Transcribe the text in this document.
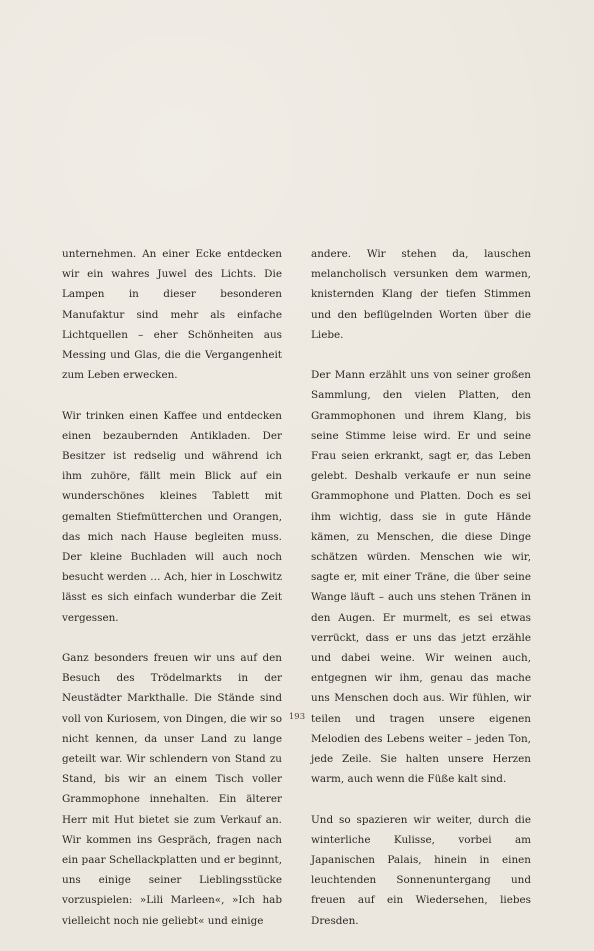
unternehmen. An einer Ecke entdecken wir ein wahres Juwel des Lichts. Die Lampen in dieser besonderen Manufaktur sind mehr als einfache Lichtquellen – eher Schönheiten aus Messing und Glas, die die Vergangenheit zum Leben erwecken.

Wir trinken einen Kaffee und entdecken einen bezaubernden Antikladen. Der Besitzer ist redselig und während ich ihm zuhöre, fällt mein Blick auf ein wunderschönes kleines Tablett mit gemalten Stiefmütterchen und Orangen, das mich nach Hause begleiten muss. Der kleine Buchladen will auch noch besucht werden … Ach, hier in Loschwitz lässt es sich einfach wunderbar die Zeit vergessen.

Ganz besonders freuen wir uns auf den Besuch des Trödelmarkts in der Neustädter Markthalle. Die Stände sind voll von Kuriosem, von Dingen, die wir so nicht kennen, da unser Land zu lange geteilt war. Wir schlendern von Stand zu Stand, bis wir an einem Tisch voller Grammophone innehalten. Ein älterer Herr mit Hut bietet sie zum Verkauf an. Wir kommen ins Gespräch, fragen nach ein paar Schellackplatten und er beginnt, uns einige seiner Lieblingsstücke vorzuspielen: »Lili Marleen«, »Ich hab vielleicht noch nie geliebt« und einige

andere. Wir stehen da, lauschen melancholisch versunken dem warmen, knisternden Klang der tiefen Stimmen und den beflügelnden Worten über die Liebe.

Der Mann erzählt uns von seiner großen Sammlung, den vielen Platten, den Grammophonen und ihrem Klang, bis seine Stimme leise wird. Er und seine Frau seien erkrankt, sagt er, das Leben gelebt. Deshalb verkaufe er nun seine Grammophone und Platten. Doch es sei ihm wichtig, dass sie in gute Hände kämen, zu Menschen, die diese Dinge schätzen würden. Menschen wie wir, sagte er, mit einer Träne, die über seine Wange läuft – auch uns stehen Tränen in den Augen. Er murmelt, es sei etwas verrückt, dass er uns das jetzt erzähle und dabei weine. Wir weinen auch, entgegnen wir ihm, genau das mache uns Menschen doch aus. Wir fühlen, wir teilen und tragen unsere eigenen Melodien des Lebens weiter – jeden Ton, jede Zeile. Sie halten unsere Herzen warm, auch wenn die Füße kalt sind.

Und so spazieren wir weiter, durch die winterliche Kulisse, vorbei am Japanischen Palais, hinein in einen leuchtenden Sonnenuntergang und freuen auf ein Wiedersehen, liebes Dresden.

193
